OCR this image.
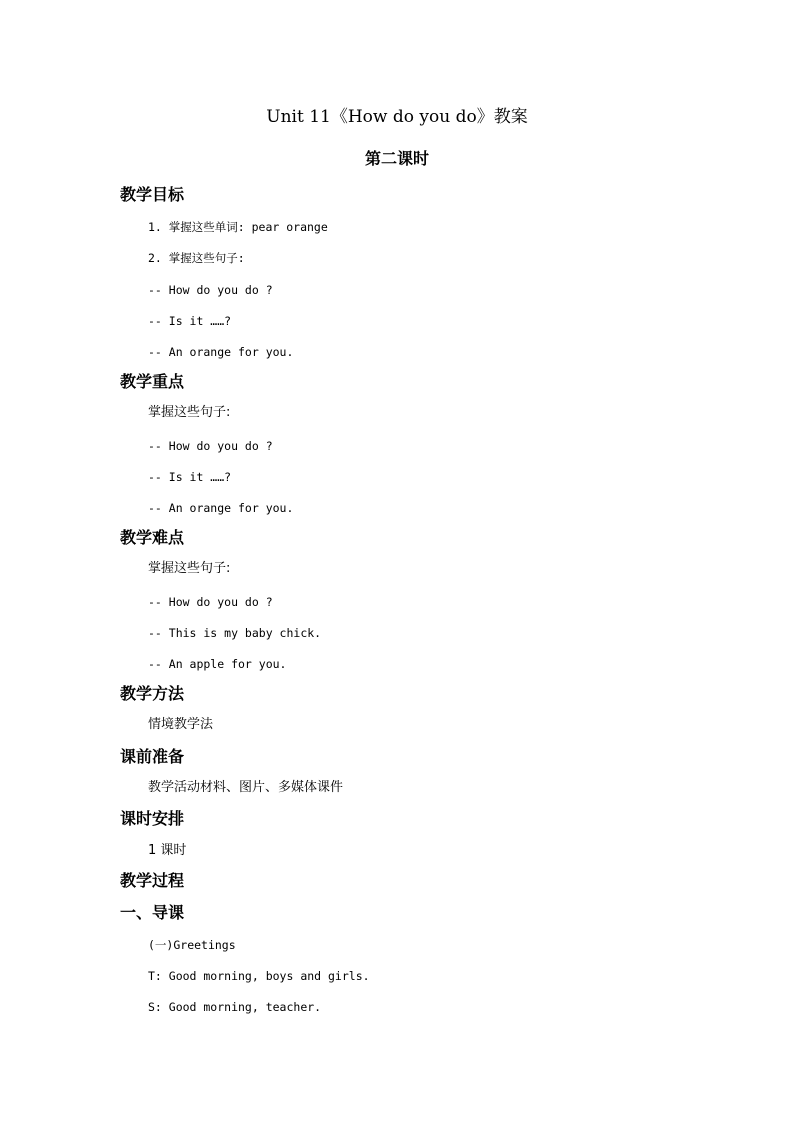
Unit 11《How do you do》教案
第二课时
教学目标
1. 掌握这些单词: pear orange
2. 掌握这些句子:
-- How do you do ?
-- Is it ……?
-- An orange for you.
教学重点
掌握这些句子:
-- How do you do ?
-- Is it ……?
-- An orange for you.
教学难点
掌握这些句子:
-- How do you do ?
-- This is my baby chick.
-- An apple for you.
教学方法
情境教学法
课前准备
教学活动材料、图片、多媒体课件
课时安排
1 课时
教学过程
一、导课
(一)Greetings
T: Good morning, boys and girls.
S: Good morning, teacher.
